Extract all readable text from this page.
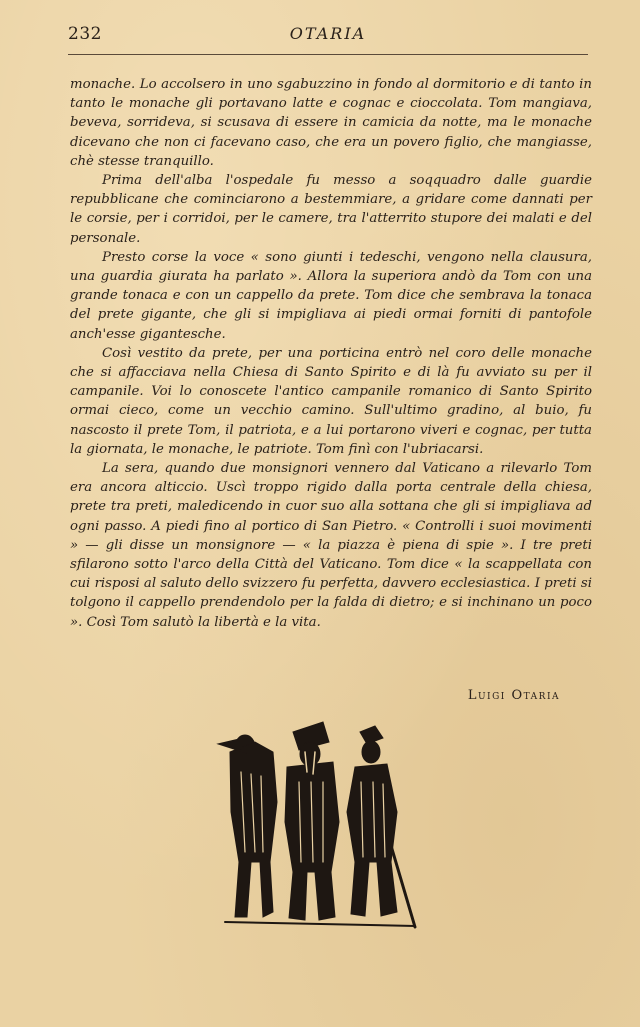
232	OTARIA

monache. Lo accolsero in uno sgabuzzino in fondo al dormitorio e di tanto in tanto le monache gli portavano latte e cognac e cioccolata. Tom mangiava, beveva, sorrideva, si scusava di essere in camicia da notte, ma le monache dicevano che non ci facevano caso, che era un povero figlio, che mangiasse, chè stesse tranquillo.

Prima dell'alba l'ospedale fu messo a soqquadro dalle guardie repubblicane che cominciarono a bestemmiare, a gridare come dannati per le corsie, per i corridoi, per le camere, tra l'atterrito stupore dei malati e del personale.

Presto corse la voce « sono giunti i tedeschi, vengono nella clausura, una guardia giurata ha parlato ». Allora la superiora andò da Tom con una grande tonaca e con un cappello da prete. Tom dice che sembrava la tonaca del prete gigante, che gli si impigliava ai piedi ormai forniti di pantofole anch'esse gigantesche.

Così vestito da prete, per una porticina entrò nel coro delle monache che si affacciava nella Chiesa di Santo Spirito e di là fu avviato su per il campanile. Voi lo conoscete l'antico campanile romanico di Santo Spirito ormai cieco, come un vecchio camino. Sull'ultimo gradino, al buio, fu nascosto il prete Tom, il patriota, e a lui portarono viveri e cognac, per tutta la giornata, le monache, le patriote. Tom finì con l'ubriacarsi.

La sera, quando due monsignori vennero dal Vaticano a rilevarlo Tom era ancora alticcio. Uscì troppo rigido dalla porta centrale della chiesa, prete tra preti, maledicendo in cuor suo alla sottana che gli si impigliava ad ogni passo. A piedi fino al portico di San Pietro. « Controlli i suoi movimenti » — gli disse un monsignore — « la piazza è piena di spie ». I tre preti sfilarono sotto l'arco della Città del Vaticano. Tom dice « la scappellata con cui risposi al saluto dello svizzero fu perfetta, davvero ecclesiastica. I preti si tolgono il cappello prendendolo per la falda di dietro; e si inchinano un poco ». Così Tom salutò la libertà e la vita.

Luigi Otaria
